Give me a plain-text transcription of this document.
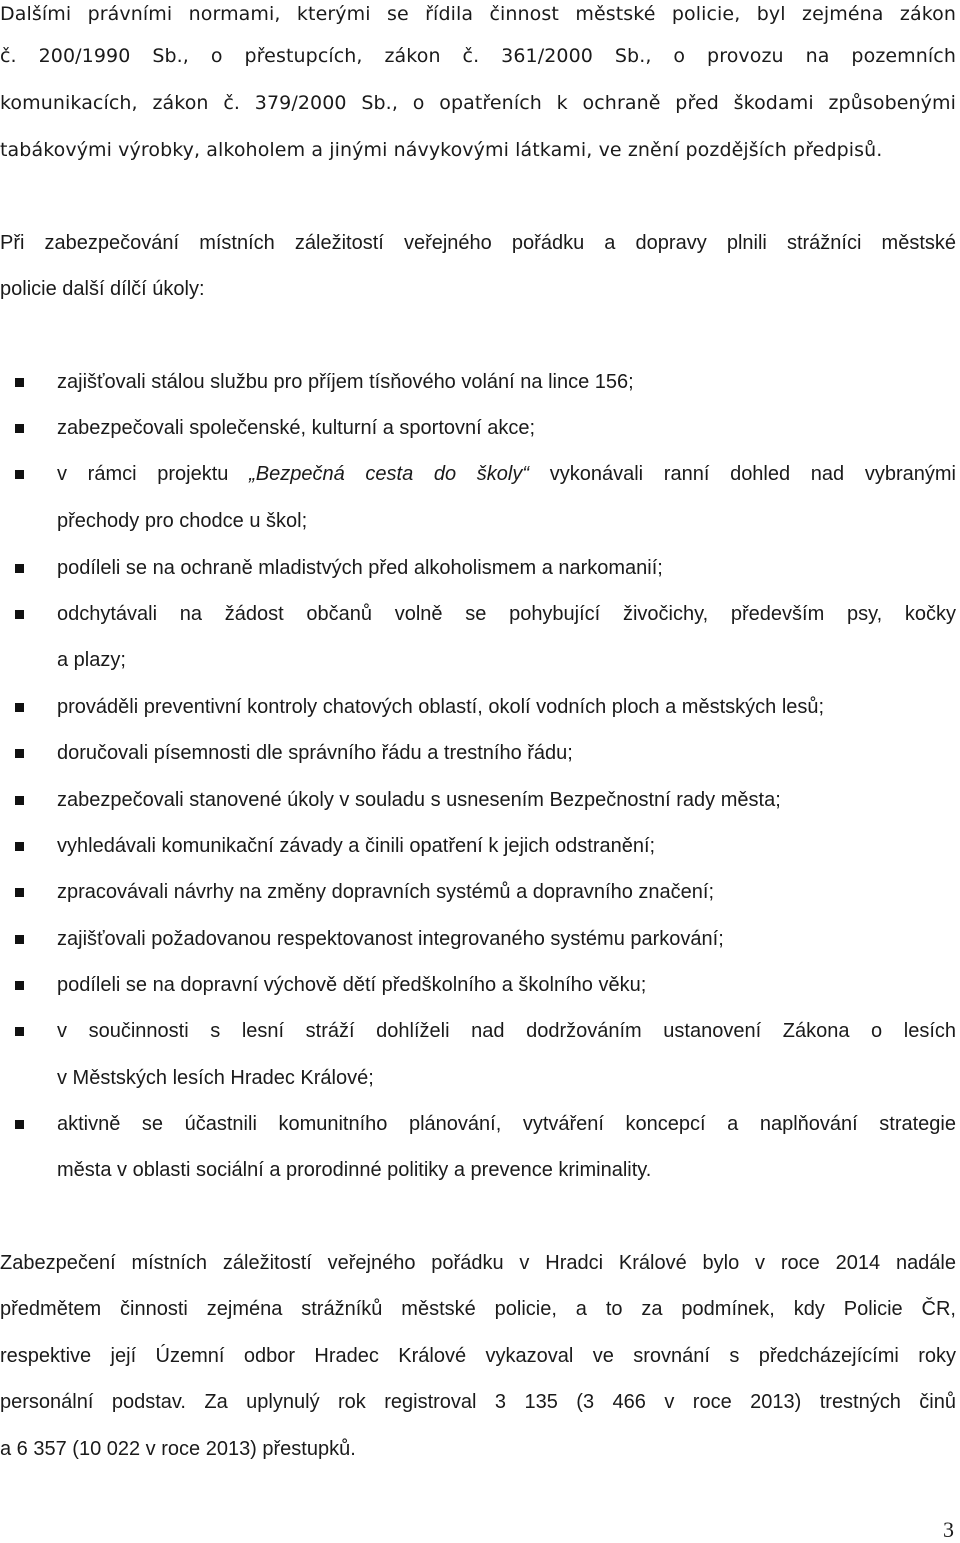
Dalšími právními normami, kterými se řídila činnost městské policie, byl zejména zákon
č. 200/1990 Sb., o přestupcích, zákon č. 361/2000 Sb., o provozu na pozemních
komunikacích, zákon č. 379/2000 Sb., o opatřeních k ochraně před škodami způsobenými
tabákovými výrobky, alkoholem a jinými návykovými látkami, ve znění pozdějších předpisů.
Při zabezpečování místních záležitostí veřejného pořádku a dopravy plnili strážníci městské
policie další dílčí úkoly:
zajišťovali stálou službu pro příjem tísňového volání na lince 156;
zabezpečovali společenské, kulturní a sportovní akce;
v rámci projektu „Bezpečná cesta do školy“ vykonávali ranní dohled nad vybranými
přechody pro chodce u škol;
podíleli se na ochraně mladistvých před alkoholismem a narkomanií;
odchytávali na žádost občanů volně se pohybující živočichy, především psy, kočky
a plazy;
prováděli preventivní kontroly chatových oblastí, okolí vodních ploch a městských lesů;
doručovali písemnosti dle správního řádu a trestního řádu;
zabezpečovali stanovené úkoly v souladu s usnesením Bezpečnostní rady města;
vyhledávali komunikační závady a činili opatření k jejich odstranění;
zpracovávali návrhy na změny dopravních systémů a dopravního značení;
zajišťovali požadovanou respektovanost integrovaného systému parkování;
podíleli se na dopravní výchově dětí předškolního a školního věku;
v součinnosti s lesní stráží dohlíželi nad dodržováním ustanovení Zákona o lesích
v Městských lesích Hradec Králové;
aktivně se účastnili komunitního plánování, vytváření koncepcí a naplňování strategie
města v oblasti sociální a prorodinné politiky a prevence kriminality.
Zabezpečení místních záležitostí veřejného pořádku v Hradci Králové bylo v roce 2014 nadále
předmětem činnosti zejména strážníků městské policie, a to za podmínek, kdy Policie ČR,
respektive její Územní odbor Hradec Králové vykazoval ve srovnání s předcházejícími roky
personální podstav. Za uplynulý rok registroval 3 135 (3 466 v roce 2013) trestných činů
a 6 357 (10 022 v roce 2013) přestupků.
3
